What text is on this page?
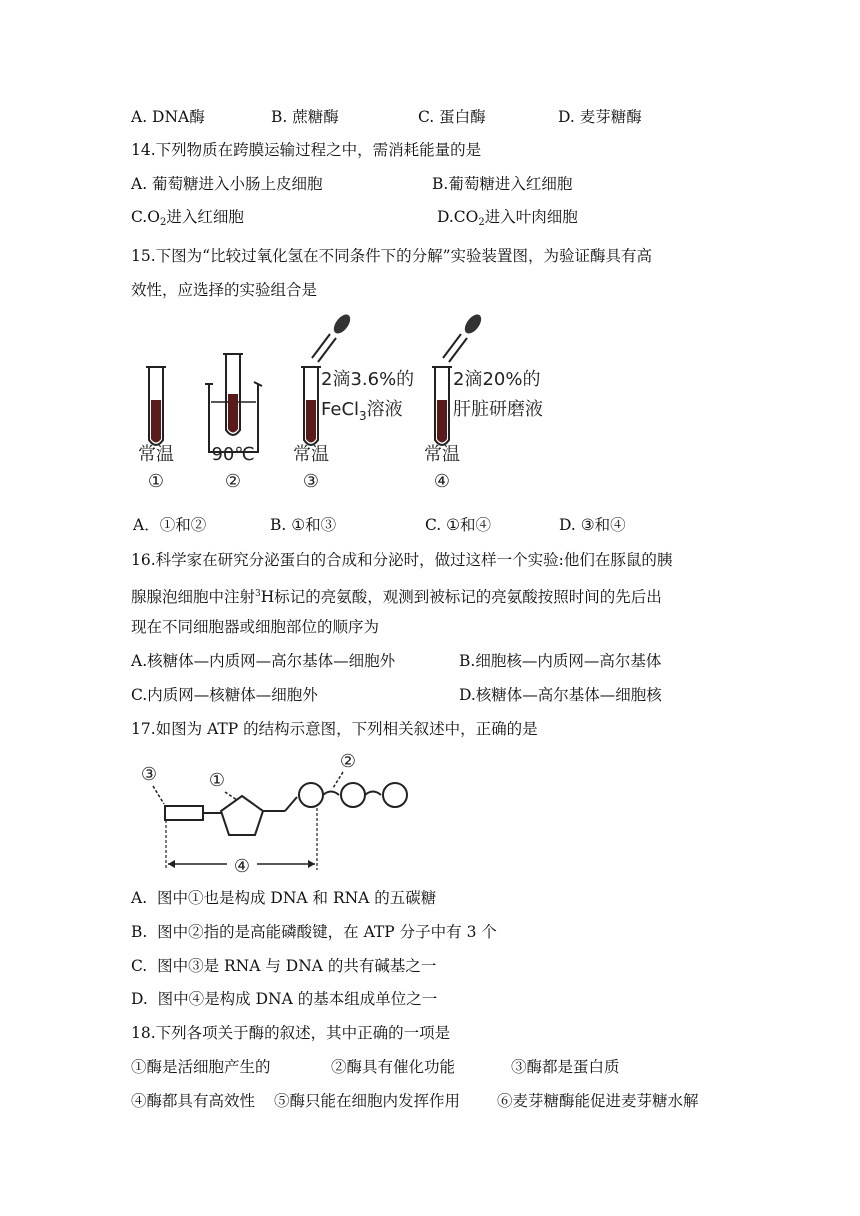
A. DNA酶	B. 蔗糖酶	C. 蛋白酶	D. 麦芽糖酶
14.下列物质在跨膜运输过程之中，需消耗能量的是
A. 葡萄糖进入小肠上皮细胞	B.葡萄糖进入红细胞
$C.O_2$进入红细胞	$D.CO_2$进入叶肉细胞
15.下图为“比较过氧化氢在不同条件下的分解”实验装置图，为验证酶具有高
效性，应选择的实验组合是
2滴3.6%的
FeCl$_3$溶液
2滴20%的
肝脏研磨液
常温 90℃ 常温	常温
①	②	③	④
A．①和②	B. ①和③	C. ①和④	D. ③和④
16.科学家在研究分泌蛋白的合成和分泌时，做过这样一个实验:他们在豚鼠的胰
腺腺泡细胞中注射$^3$H标记的亮氨酸，观测到被标记的亮氨酸按照时间的先后出
现在不同细胞器或细胞部位的顺序为
A.核糖体—内质网—高尔基体—细胞外	B.细胞核—内质网—高尔基体
C.内质网—核糖体—细胞外	D.核糖体—高尔基体—细胞核
17.如图为 ATP 的结构示意图，下列相关叙述中，正确的是
③	①
②
④
A.  图中①也是构成 DNA 和 RNA 的五碳糖
B.  图中②指的是高能磷酸键，在 ATP 分子中有 3 个
C.  图中③是 RNA 与 DNA 的共有碱基之一
D.  图中④是构成 DNA 的基本组成单位之一
18.下列各项关于酶的叙述，其中正确的一项是
①酶是活细胞产生的	②酶具有催化功能	③酶都是蛋白质
④酶都具有高效性 ⑤酶只能在细胞内发挥作用 ⑥麦芽糖酶能促进麦芽糖水解
